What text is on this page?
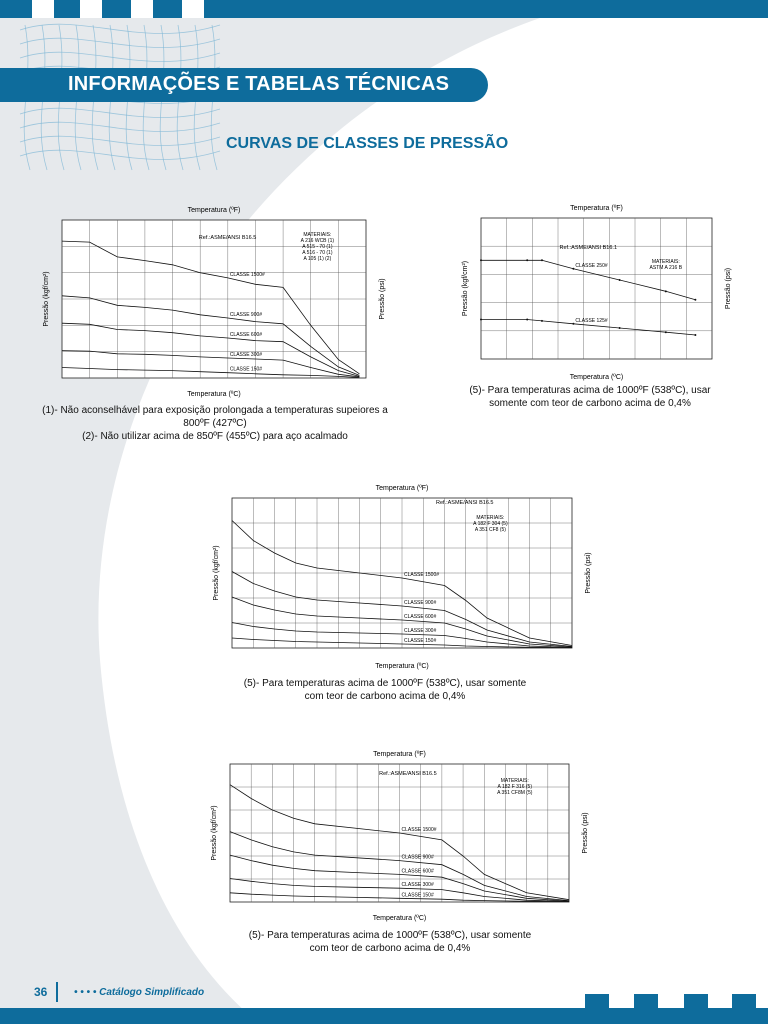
INFORMAÇÕES E TABELAS TÉCNICAS
CURVAS DE CLASSES DE PRESSÃO
Temperatura (ºF)
Temperatura (ºC)
Pressão (kgf/cm²)	Pressão (psi)
Ref.:ASME/ANSI B16.5
MATERIAIS:
A 216 WCB (1)
A 515 - 70 (1)
A 516 - 70 (1)
A 105 (1) (2)
CLASSE 1500#
CLASSE 900#
CLASSE 600#
CLASSE 300#
CLASSE 150#
(1)- Não aconselhável para exposição prolongada a temperaturas supeiores a 800ºF (427ºC)
(2)- Não utilizar acima de 850ºF (455ºC) para aço acalmado
Temperatura (ºF)
Temperatura (ºC)
Pressão (kgf/cm²)	Pressão (psi)
Ref.:ASME/ANSI B16.1
MATERIAIS:
ASTM A 216 B
CLASSE 250#
CLASSE 125#
(5)- Para temperaturas acima de 1000ºF (538ºC), usar somente com teor de carbono acima de 0,4%
Temperatura (ºF)
Temperatura (ºC)
Pressão (kgf/cm²)	Pressão (psi)
Ref.:ASME/ANSI B16.5
MATERIAIS:
A 182 F 304 (5)
A 351 CF8 (5)
CLASSE 1500#
CLASSE 900#
CLASSE 600#
CLASSE 300#
CLASSE 150#
(5)- Para temperaturas acima de 1000ºF (538ºC), usar somente com teor de carbono acima de 0,4%
Temperatura (ºF)
Temperatura (ºC)
Pressão (kgf/cm²)	Pressão (psi)
Ref.:ASME/ANSI B16.5
MATERIAIS:
A 182 F 316 (5)
A 351 CF8M (5)
CLASSE 1500#
CLASSE 900#
CLASSE 600#
CLASSE 300#
CLASSE 150#
(5)- Para temperaturas acima de 1000ºF (538ºC), usar somente com teor de carbono acima de 0,4%
36	• • • • Catálogo Simplificado
